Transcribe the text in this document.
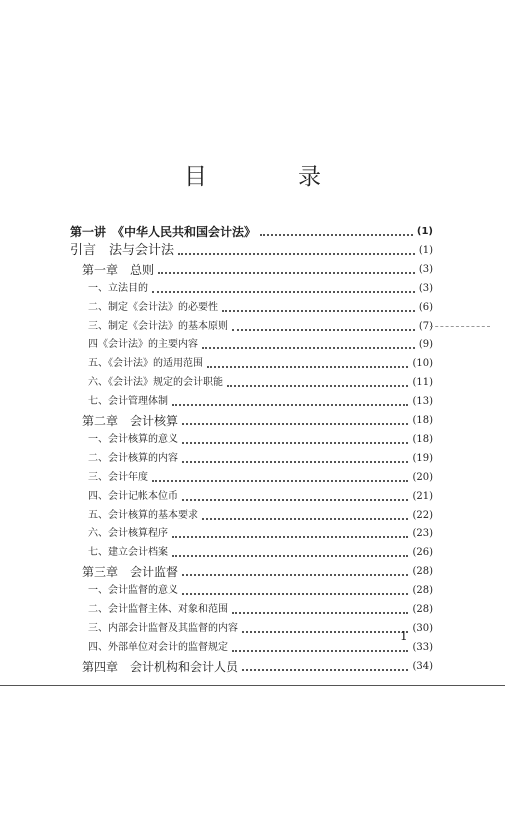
目　录
第一讲　《中华人民共和国会计法》	(1)
引言　法与会计法	(1)
第一章　总则	(3)
一、立法目的	(3)
二、制定《会计法》的必要性	(6)
三、制定《会计法》的基本原则	(7)
四《会计法》的主要内容	(9)
五、《会计法》的适用范围	(10)
六、《会计法》规定的会计职能	(11)
七、会计管理体制	(13)
第二章　会计核算	(18)
一、会计核算的意义	(18)
二、会计核算的内容	(19)
三、会计年度	(20)
四、会计记帐本位币	(21)
五、会计核算的基本要求	(22)
六、会计核算程序	(23)
七、建立会计档案	(26)
第三章　会计监督	(28)
一、会计监督的意义	(28)
二、会计监督主体、对象和范围	(28)
三、内部会计监督及其监督的内容	(30)
四、外部单位对会计的监督规定	(33)
第四章　会计机构和会计人员	(34)
1
